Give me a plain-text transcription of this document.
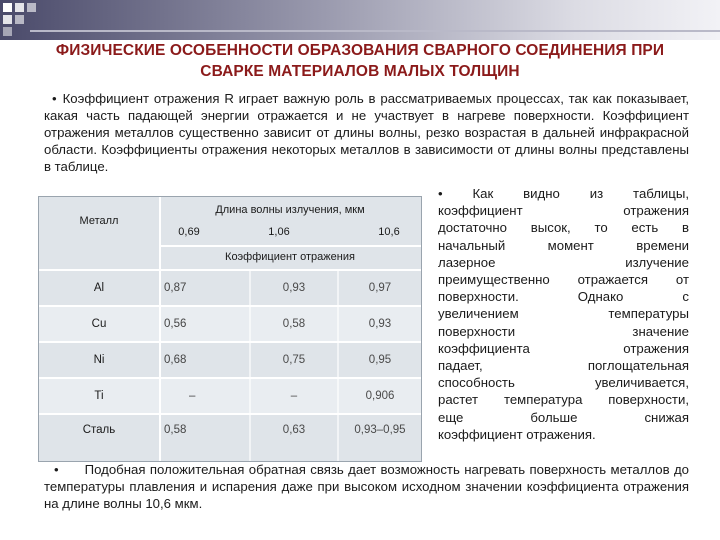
ФИЗИЧЕСКИЕ ОСОБЕННОСТИ ОБРАЗОВАНИЯ СВАРНОГО СОЕДИНЕНИЯ ПРИ
СВАРКЕ МАТЕРИАЛОВ МАЛЫХ ТОЛЩИН
• Коэффициент отражения R играет важную роль в рассматриваемых процессах, так как показывает, какая часть падающей энергии отражается и не участвует в нагреве поверхности. Коэффициент отражения металлов существенно зависит от длины волны, резко возрастая в дальней инфракрасной области. Коэффициенты отражения некоторых металлов в зависимости от длины волны представлены в таблице.
Металл
Длина волны излучения, мкм
0,69	1,06	10,6
Коэффициент отражения
Al	0,87	0,93	0,97
Cu	0,56	0,58	0,93
Ni	0,68	0,75	0,95
Ti	–	–	0,906
Сталь	0,58	0,63	0,93–0,95
• Как видно из таблицы,
коэффициент отражения
достаточно высок, то есть в
начальный момент времени
лазерное излучение
преимущественно отражается от
поверхности. Однако с
увеличением температуры
поверхности значение
коэффициента отражения
падает, поглощательная
способность увеличивается,
растет температура поверхности,
еще больше снижая
коэффициент отражения.
• Подобная положительная обратная связь дает возможность нагревать поверхность металлов до температуры плавления и испарения даже при высоком исходном значении коэффициента отражения на длине волны 10,6 мкм.
